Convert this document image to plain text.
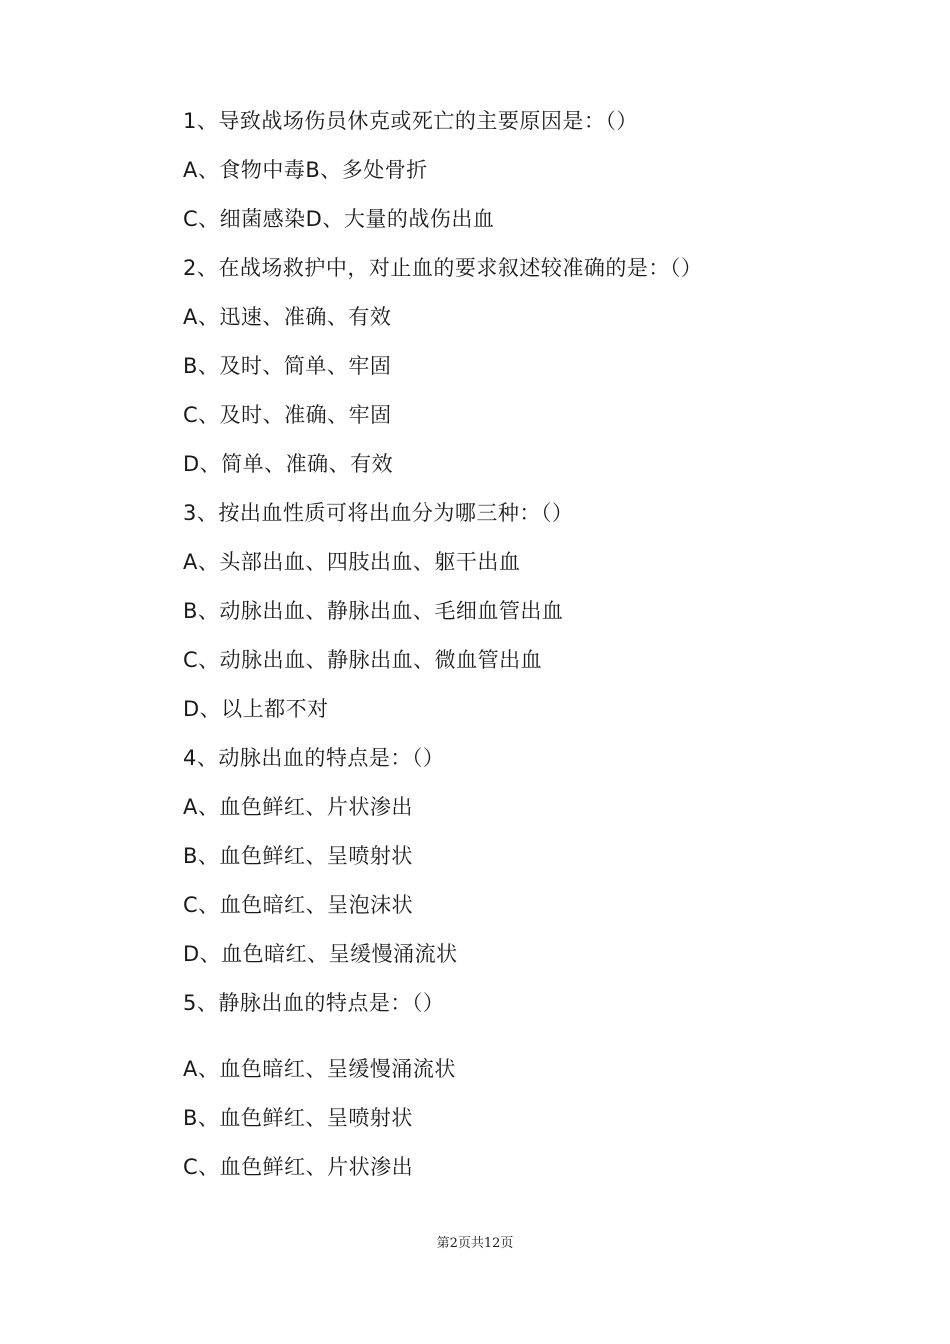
1、导致战场伤员休克或死亡的主要原因是：（）
A、食物中毒B、多处骨折
C、细菌感染D、大量的战伤出血
2、在战场救护中，对止血的要求叙述较准确的是：（）
A、迅速、准确、有效
B、及时、简单、牢固
C、及时、准确、牢固
D、简单、准确、有效
3、按出血性质可将出血分为哪三种：（）
A、头部出血、四肢出血、躯干出血
B、动脉出血、静脉出血、毛细血管出血
C、动脉出血、静脉出血、微血管出血
D、以上都不对
4、动脉出血的特点是：（）
A、血色鲜红、片状渗出
B、血色鲜红、呈喷射状
C、血色暗红、呈泡沫状
D、血色暗红、呈缓慢涌流状
5、静脉出血的特点是：（）
A、血色暗红、呈缓慢涌流状
B、血色鲜红、呈喷射状
C、血色鲜红、片状渗出
第2页共12页
